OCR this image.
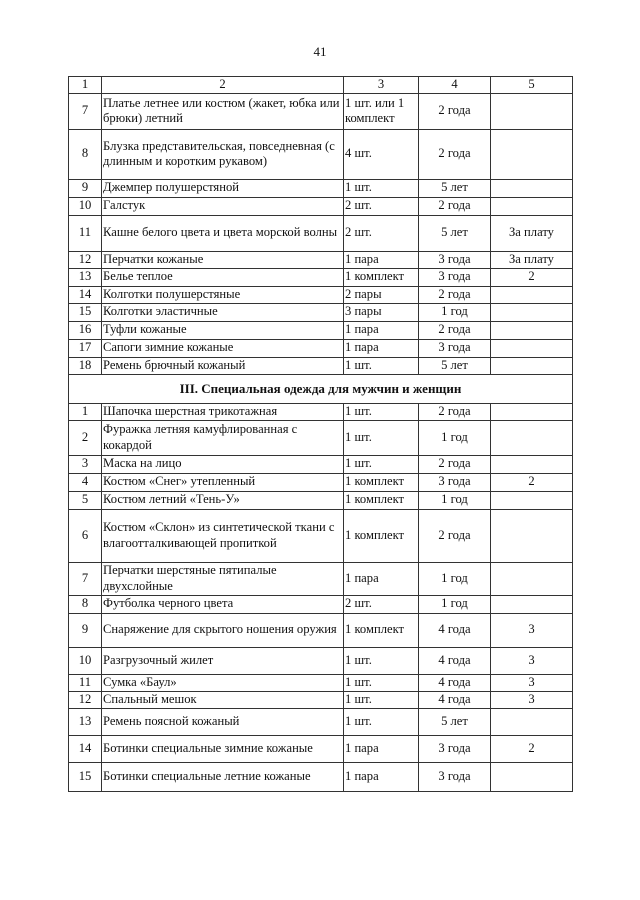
41
1	2	3	4	5
7	Платье летнее или костюм (жакет, юбка или брюки) летний	1 шт. или 1 комплект	2 года	
8	Блузка представительская, повседневная (с длинным и коротким рукавом)	4 шт.	2 года	
9	Джемпер полушерстяной	1 шт.	5 лет	
10	Галстук	2 шт.	2 года	
11	Кашне белого цвета и цвета морской волны	2 шт.	5 лет	За плату
12	Перчатки кожаные	1 пара	3 года	За плату
13	Белье теплое	1 комплект	3 года	2
14	Колготки полушерстяные	2 пары	2 года	
15	Колготки эластичные	3 пары	1 год	
16	Туфли кожаные	1 пара	2 года	
17	Сапоги зимние кожаные	1 пара	3 года	
18	Ремень брючный кожаный	1 шт.	5 лет	
III. Специальная одежда для мужчин и женщин				
1	Шапочка шерстная трикотажная	1 шт.	2 года	
2	Фуражка летняя камуфлированная с кокардой	1 шт.	1 год	
3	Маска на лицо	1 шт.	2 года	
4	Костюм «Снег» утепленный	1 комплект	3 года	2
5	Костюм летний «Тень-У»	1 комплект	1 год	
6	Костюм «Склон» из синтетической ткани с влагоотталкивающей пропиткой	1 комплект	2 года	
7	Перчатки шерстяные пятипалые двухслойные	1 пара	1 год	
8	Футболка черного цвета	2 шт.	1 год	
9	Снаряжение для скрытого ношения оружия	1 комплект	4 года	3
10	Разгрузочный жилет	1 шт.	4 года	3
11	Сумка «Баул»	1 шт.	4 года	3
12	Спальный мешок	1 шт.	4 года	3
13	Ремень поясной кожаный	1 шт.	5 лет	
14	Ботинки специальные зимние кожаные	1 пара	3 года	2
15	Ботинки специальные летние кожаные	1 пара	3 года	
